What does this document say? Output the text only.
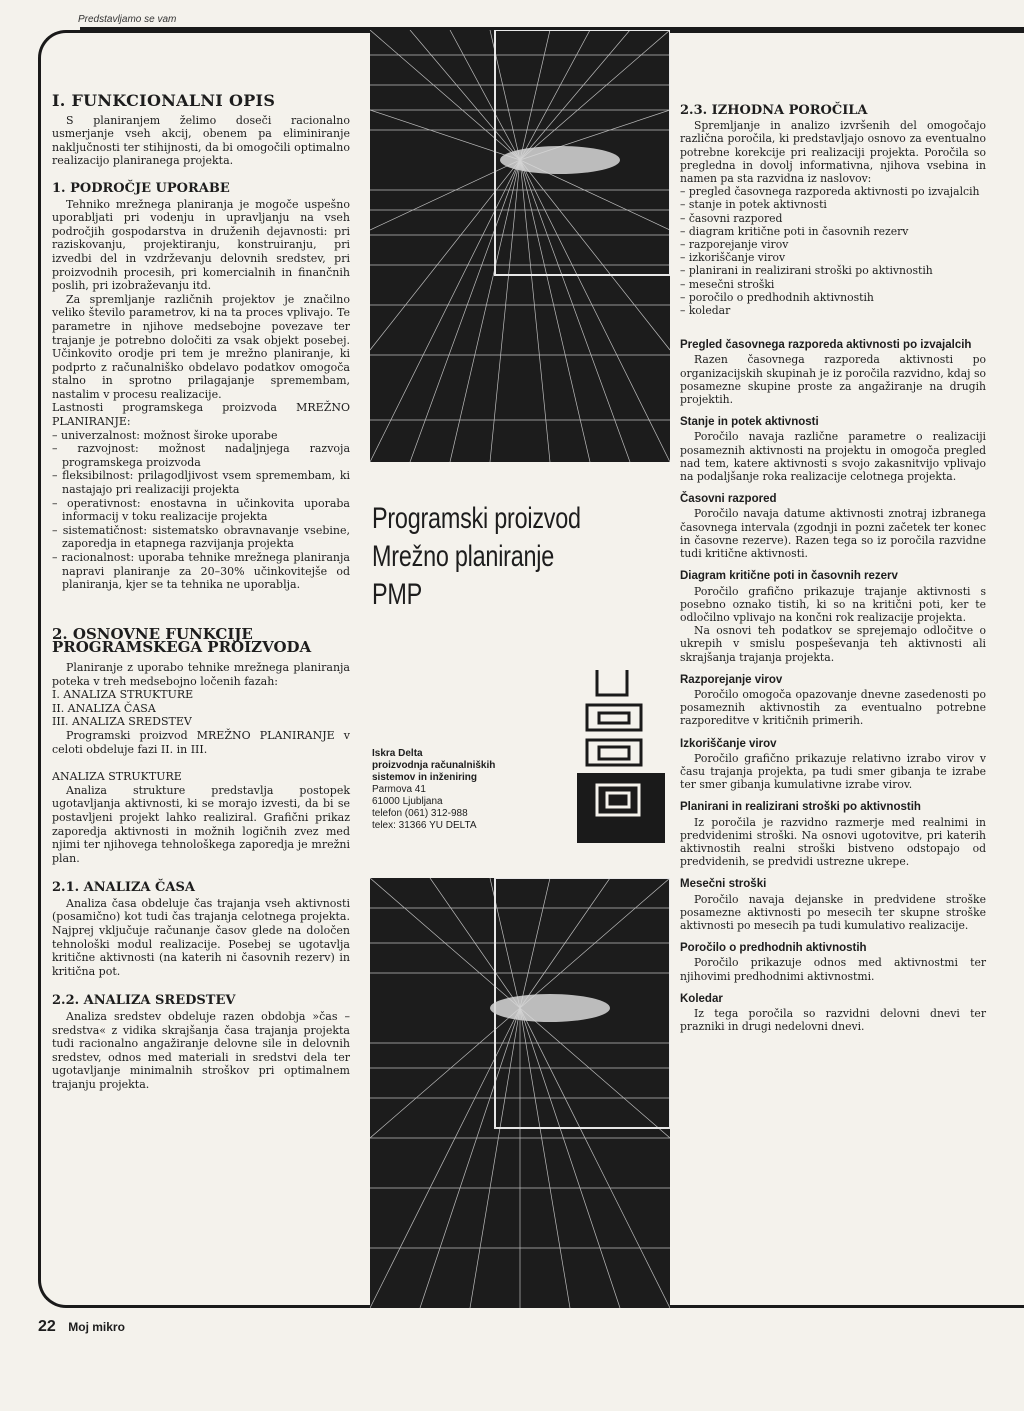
Predstavljamo se vam
I. FUNKCIONALNI OPIS

S planiranjem želimo doseči racionalno usmerjanje vseh akcij, obenem pa eliminiranje naključnosti ter stihijnosti, da bi omogočili optimalno realizacijo planiranega projekta.

1. PODROČJE UPORABE

Tehniko mrežnega planiranja je mogoče uspešno uporabljati pri vodenju in upravljanju na vseh področjih gospodarstva in druženih dejavnosti: pri raziskovanju, projektiranju, konstruiranju, pri izvedbi del in vzdrževanju delovnih sredstev, pri proizvodnih procesih, pri komercialnih in finančnih poslih, pri izobraževanju itd.

Za spremljanje različnih projektov je značilno veliko število parametrov, ki na ta proces vplivajo. Te parametre in njihove medsebojne povezave ter trajanje je potrebno določiti za vsak objekt posebej. Učinkovito orodje pri tem je mrežno planiranje, ki podprto z računalniško obdelavo podatkov omogoča stalno in sprotno prilagajanje spremembam, nastalim v procesu realizacije.

Lastnosti programskega proizvoda MREŽNO PLANIRANJE:

– univerzalnost: možnost široke uporabe

– razvojnost: možnost nadaljnjega razvoja programskega proizvoda

– fleksibilnost: prilagodljivost vsem spremembam, ki nastajajo pri realizaciji projekta

– operativnost: enostavna in učinkovita uporaba informacij v toku realizacije projekta

– sistematičnost: sistematsko obravnavanje vsebine, zaporedja in etapnega razvijanja projekta

– racionalnost: uporaba tehnike mrežnega planiranja napravi planiranje za 20–30% učinkovitejše od planiranja, kjer se ta tehnika ne uporablja.

2. OSNOVNE FUNKCIJE PROGRAMSKEGA PROIZVODA

Planiranje z uporabo tehnike mrežnega planiranja poteka v treh medsebojno ločenih fazah:

I. ANALIZA STRUKTURE

II. ANALIZA ČASA

III. ANALIZA SREDSTEV

Programski proizvod MREŽNO PLANIRANJE v celoti obdeluje fazi II. in III.

ANALIZA STRUKTURE

Analiza strukture predstavlja postopek ugotavljanja aktivnosti, ki se morajo izvesti, da bi se postavljeni projekt lahko realiziral. Grafični prikaz zaporedja aktivnosti in možnih logičnih zvez med njimi ter njihovega tehnološkega zaporedja je mrežni plan.

2.1. ANALIZA ČASA

Analiza časa obdeluje čas trajanja vseh aktivnosti (posamično) kot tudi čas trajanja celotnega projekta. Najprej vključuje računanje časov glede na določen tehnološki modul realizacije. Posebej se ugotavlja kritične aktivnosti (na katerih ni časovnih rezerv) in kritična pot.

2.2. ANALIZA SREDSTEV

Analiza sredstev obdeluje razen obdobja »čas – sredstva« z vidika skrajšanja časa trajanja projekta tudi racionalno angažiranje delovne sile in delovnih sredstev, odnos med materiali in sredstvi dela ter ugotavljanje minimalnih stroškov pri optimalnem trajanju projekta.

Programski proizvod
Mrežno planiranje
PMP
Iskra Delta
proizvodnja računalniških
sistemov in inženiring
Parmova 41
61000 Ljubljana
telefon (061) 312-988
telex: 31366 YU DELTA
2.3. IZHODNA POROČILA

Spremljanje in analizo izvršenih del omogočajo različna poročila, ki predstavljajo osnovo za eventualno potrebne korekcije pri realizaciji projekta. Poročila so pregledna in dovolj informativna, njihova vsebina in namen pa sta razvidna iz naslovov:

– pregled časovnega razporeda aktivnosti po izvajalcih

– stanje in potek aktivnosti

– časovni razpored

– diagram kritične poti in časovnih rezerv

– razporejanje virov

– izkoriščanje virov

– planirani in realizirani stroški po aktivnostih

– mesečni stroški

– poročilo o predhodnih aktivnostih

– koledar

Pregled časovnega razporeda aktivnosti po izvajalcih

Razen časovnega razporeda aktivnosti po organizacijskih skupinah je iz poročila razvidno, kdaj so posamezne skupine proste za angažiranje na drugih projektih.

Stanje in potek aktivnosti

Poročilo navaja različne parametre o realizaciji posameznih aktivnosti na projektu in omogoča pregled nad tem, katere aktivnosti s svojo zakasnitvijo vplivajo na podaljšanje roka realizacije celotnega projekta.

Časovni razpored

Poročilo navaja datume aktivnosti znotraj izbranega časovnega intervala (zgodnji in pozni začetek ter konec in časovne rezerve). Razen tega so iz poročila razvidne tudi kritične aktivnosti.

Diagram kritične poti in časovnih rezerv

Poročilo grafično prikazuje trajanje aktivnosti s posebno oznako tistih, ki so na kritični poti, ker te odločilno vplivajo na končni rok realizacije projekta.

Na osnovi teh podatkov se sprejemajo odločitve o ukrepih v smislu pospeševanja teh aktivnosti ali skrajšanja trajanja projekta.

Razporejanje virov

Poročilo omogoča opazovanje dnevne zasedenosti po posameznih aktivnostih za eventualno potrebne razporeditve v kritičnih primerih.

Izkoriščanje virov

Poročilo grafično prikazuje relativno izrabo virov v času trajanja projekta, pa tudi smer gibanja te izrabe ter smer gibanja kumulativne izrabe virov.

Planirani in realizirani stroški po aktivnostih

Iz poročila je razvidno razmerje med realnimi in predvidenimi stroški. Na osnovi ugotovitve, pri katerih aktivnostih realni stroški bistveno odstopajo od predvidenih, se predvidi ustrezne ukrepe.

Mesečni stroški

Poročilo navaja dejanske in predvidene stroške posamezne aktivnosti po mesecih ter skupne stroške aktivnosti po mesecih pa tudi kumulativo realizacije.

Poročilo o predhodnih aktivnostih

Poročilo prikazuje odnos med aktivnostmi ter njihovimi predhodnimi aktivnostmi.

Koledar

Iz tega poročila so razvidni delovni dnevi ter prazniki in drugi nedelovni dnevi.

22 Moj mikro
